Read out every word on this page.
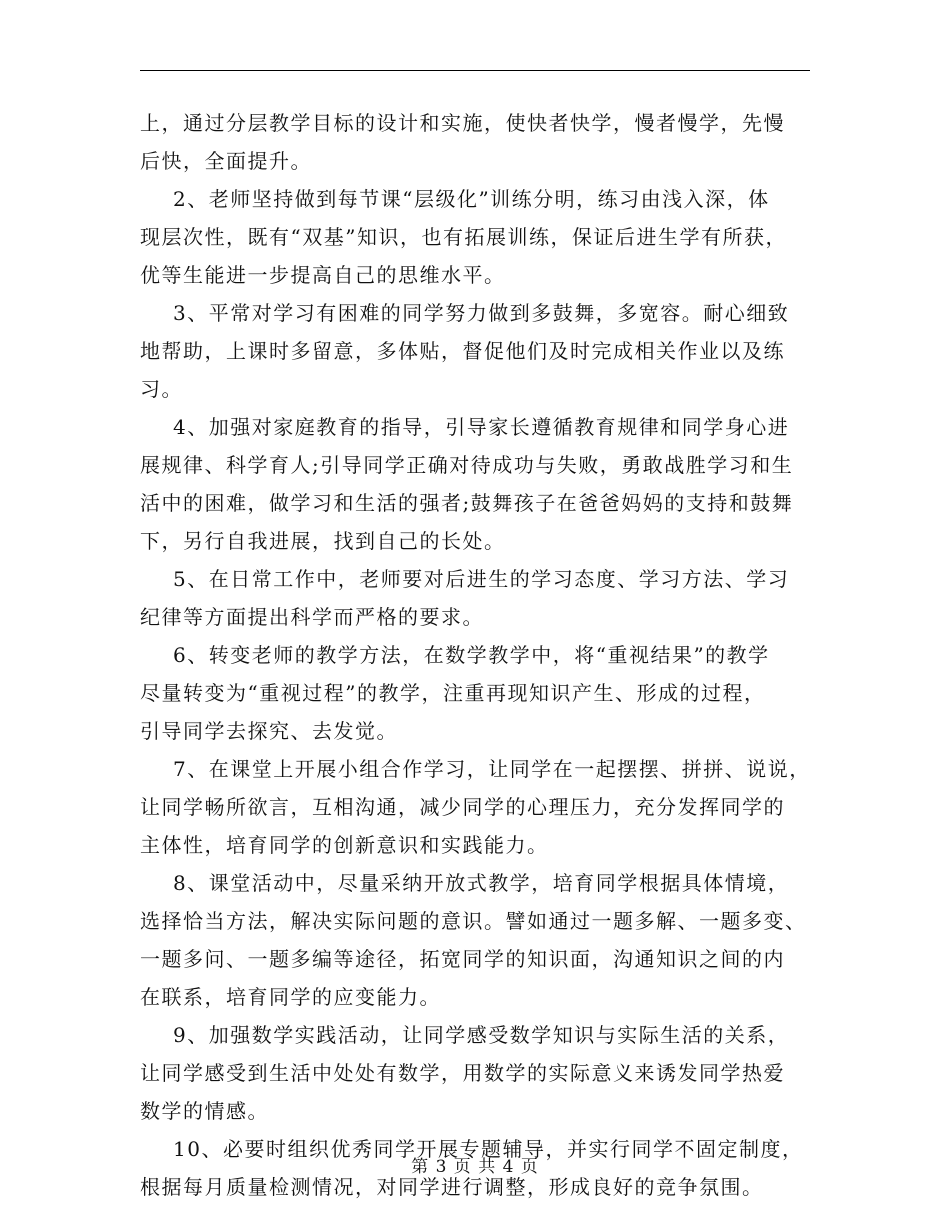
上，通过分层教学目标的设计和实施，使快者快学，慢者慢学，先慢
后快，全面提升。
2、老师坚持做到每节课“层级化”训练分明，练习由浅入深，体
现层次性，既有“双基”知识，也有拓展训练，保证后进生学有所获，
优等生能进一步提高自己的思维水平。
3、平常对学习有困难的同学努力做到多鼓舞，多宽容。耐心细致
地帮助，上课时多留意，多体贴，督促他们及时完成相关作业以及练
习。
4、加强对家庭教育的指导，引导家长遵循教育规律和同学身心进
展规律、科学育人;引导同学正确对待成功与失败，勇敢战胜学习和生
活中的困难，做学习和生活的强者;鼓舞孩子在爸爸妈妈的支持和鼓舞
下，另行自我进展，找到自己的长处。
5、在日常工作中，老师要对后进生的学习态度、学习方法、学习
纪律等方面提出科学而严格的要求。
6、转变老师的教学方法，在数学教学中，将“重视结果”的教学
尽量转变为“重视过程”的教学，注重再现知识产生、形成的过程，
引导同学去探究、去发觉。
7、在课堂上开展小组合作学习，让同学在一起摆摆、拼拼、说说，
让同学畅所欲言，互相沟通，减少同学的心理压力，充分发挥同学的
主体性，培育同学的创新意识和实践能力。
8、课堂活动中，尽量采纳开放式教学，培育同学根据具体情境，
选择恰当方法，解决实际问题的意识。譬如通过一题多解、一题多变、
一题多问、一题多编等途径，拓宽同学的知识面，沟通知识之间的内
在联系，培育同学的应变能力。
9、加强数学实践活动，让同学感受数学知识与实际生活的关系，
让同学感受到生活中处处有数学，用数学的实际意义来诱发同学热爱
数学的情感。
10、必要时组织优秀同学开展专题辅导，并实行同学不固定制度，
根据每月质量检测情况，对同学进行调整，形成良好的竞争氛围。
第 3 页 共 4 页
